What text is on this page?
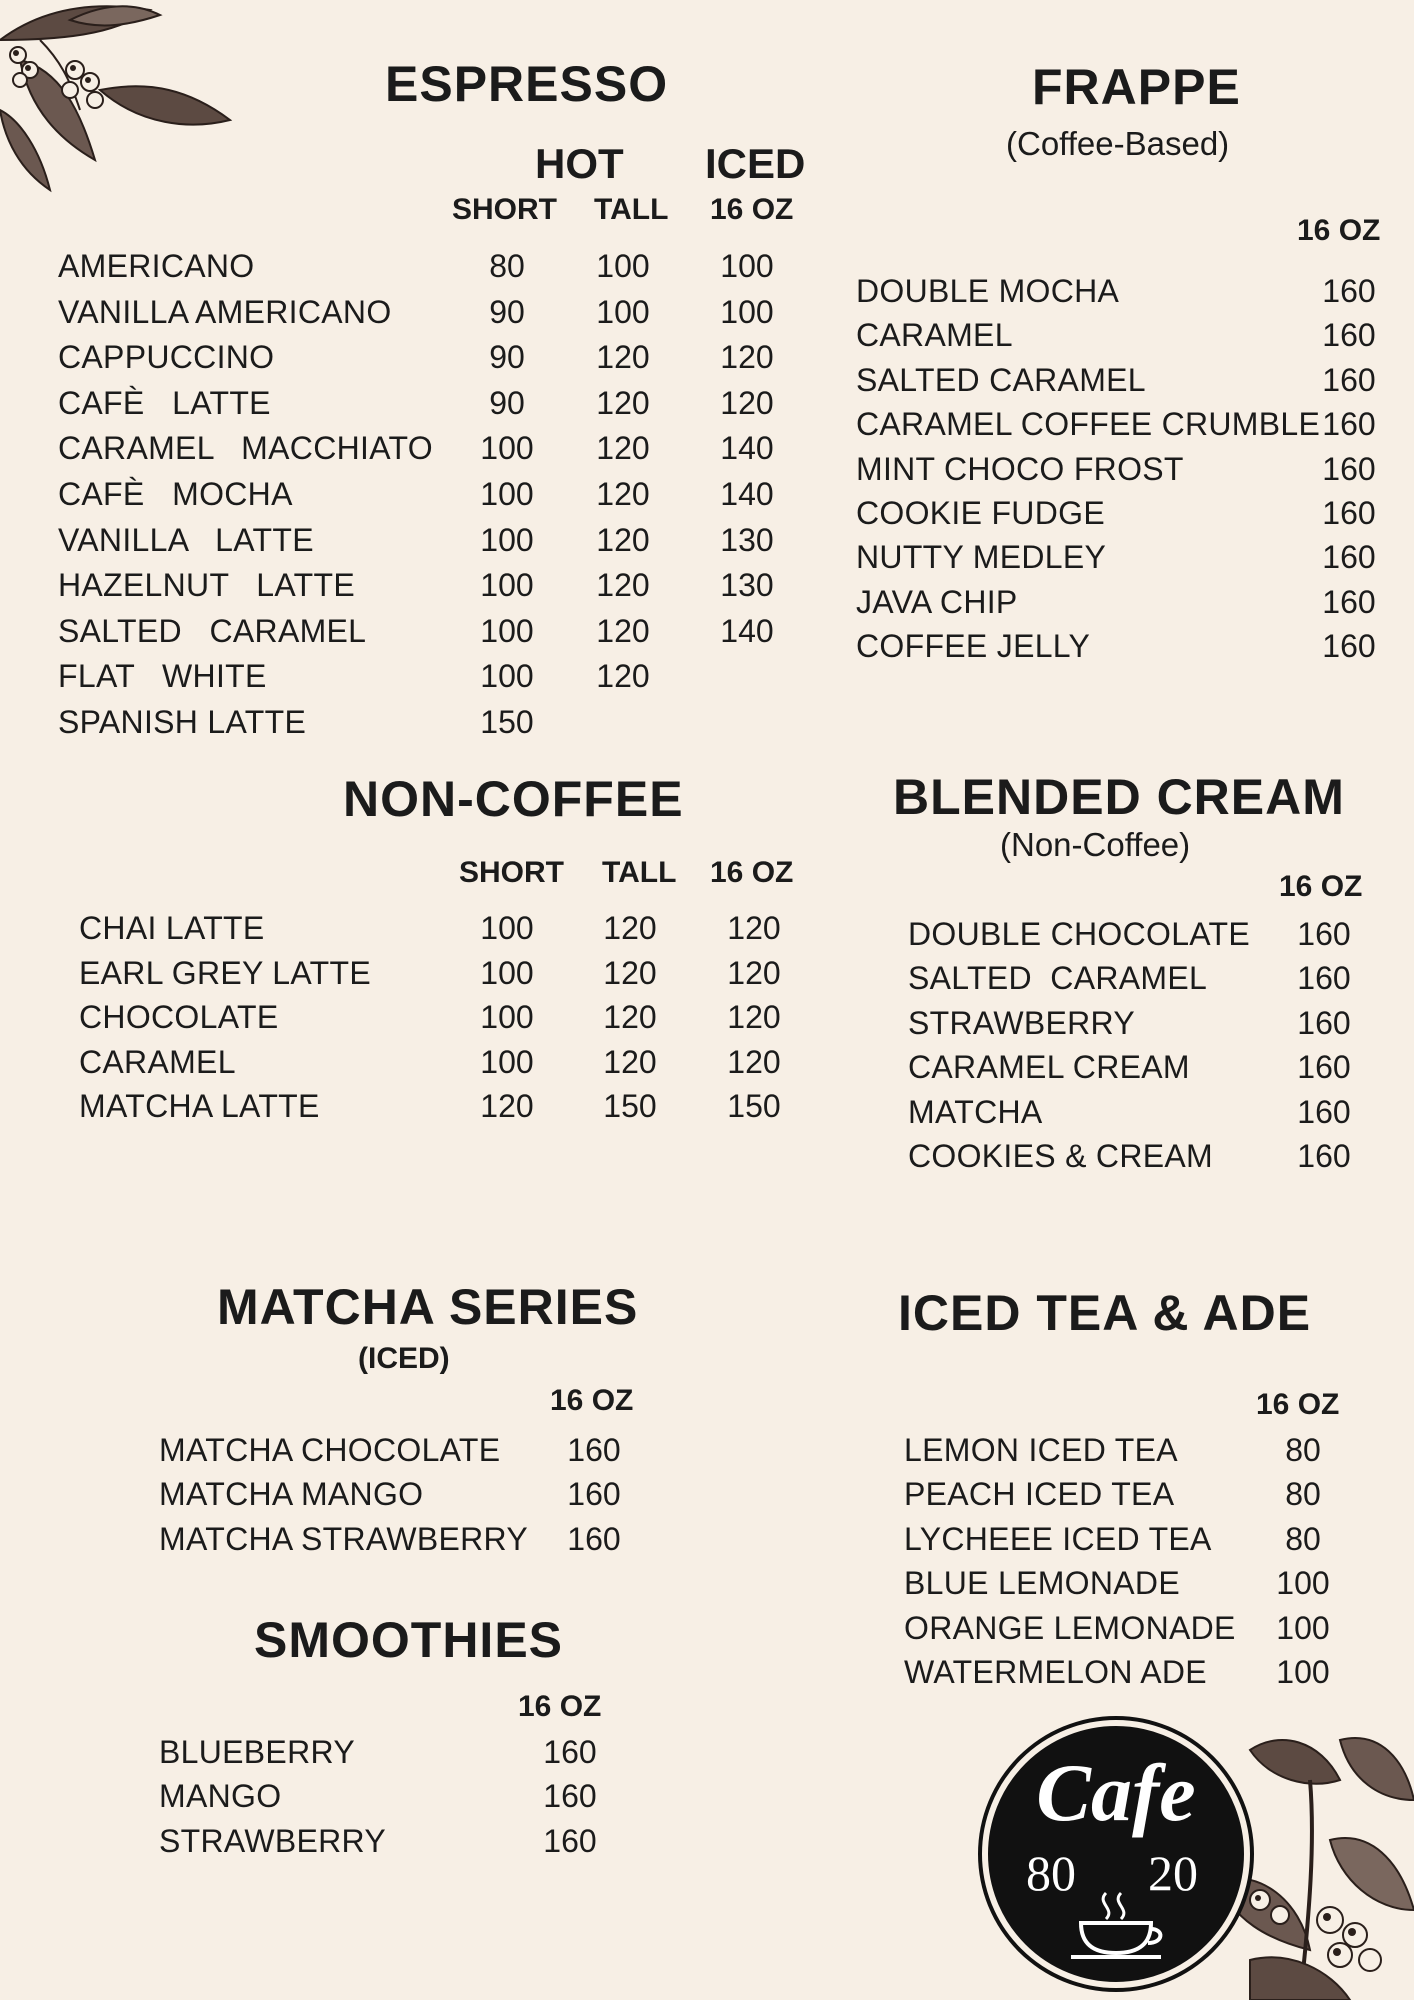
Cafe
80 20
ESPRESSO
HOT ICED
SHORT TALL 16 OZ
AMERICANO	80	100	100
VANILLA AMERICANO	90	100	100
CAPPUCCINO	90	120	120
CAFÈ   LATTE	90	120	120
CARAMEL   MACCHIATO	100	120	140
CAFÈ   MOCHA	100	120	140
VANILLA   LATTE	100	120	130
HAZELNUT   LATTE	100	120	130
SALTED   CARAMEL	100	120	140
FLAT   WHITE	100	120
SPANISH LATTE	150
FRAPPE
(Coffee-Based)
16 OZ
DOUBLE MOCHA	160
CARAMEL	160
SALTED CARAMEL	160
CARAMEL COFFEE CRUMBLE 160
MINT CHOCO FROST	160
COOKIE FUDGE	160
NUTTY MEDLEY	160
JAVA CHIP	160
COFFEE JELLY	160
NON-COFFEE
SHORT TALL 16 OZ
CHAI LATTE	100	120	120
EARL GREY LATTE	100	120	120
CHOCOLATE	100	120	120
CARAMEL	100	120	120
MATCHA LATTE	120	150	150
BLENDED CREAM
(Non-Coffee)
16 OZ
DOUBLE CHOCOLATE	160
SALTED  CARAMEL	160
STRAWBERRY	160
CARAMEL CREAM	160
MATCHA	160
COOKIES & CREAM	160
MATCHA SERIES
(ICED)
16 OZ
MATCHA CHOCOLATE	160
MATCHA MANGO	160
MATCHA STRAWBERRY	160
SMOOTHIES
16 OZ
BLUEBERRY	160
MANGO	160
STRAWBERRY	160
ICED TEA & ADE
16 OZ
LEMON ICED TEA	80
PEACH ICED TEA	80
LYCHEEE ICED TEA	80
BLUE LEMONADE	100
ORANGE LEMONADE	100
WATERMELON ADE	100
